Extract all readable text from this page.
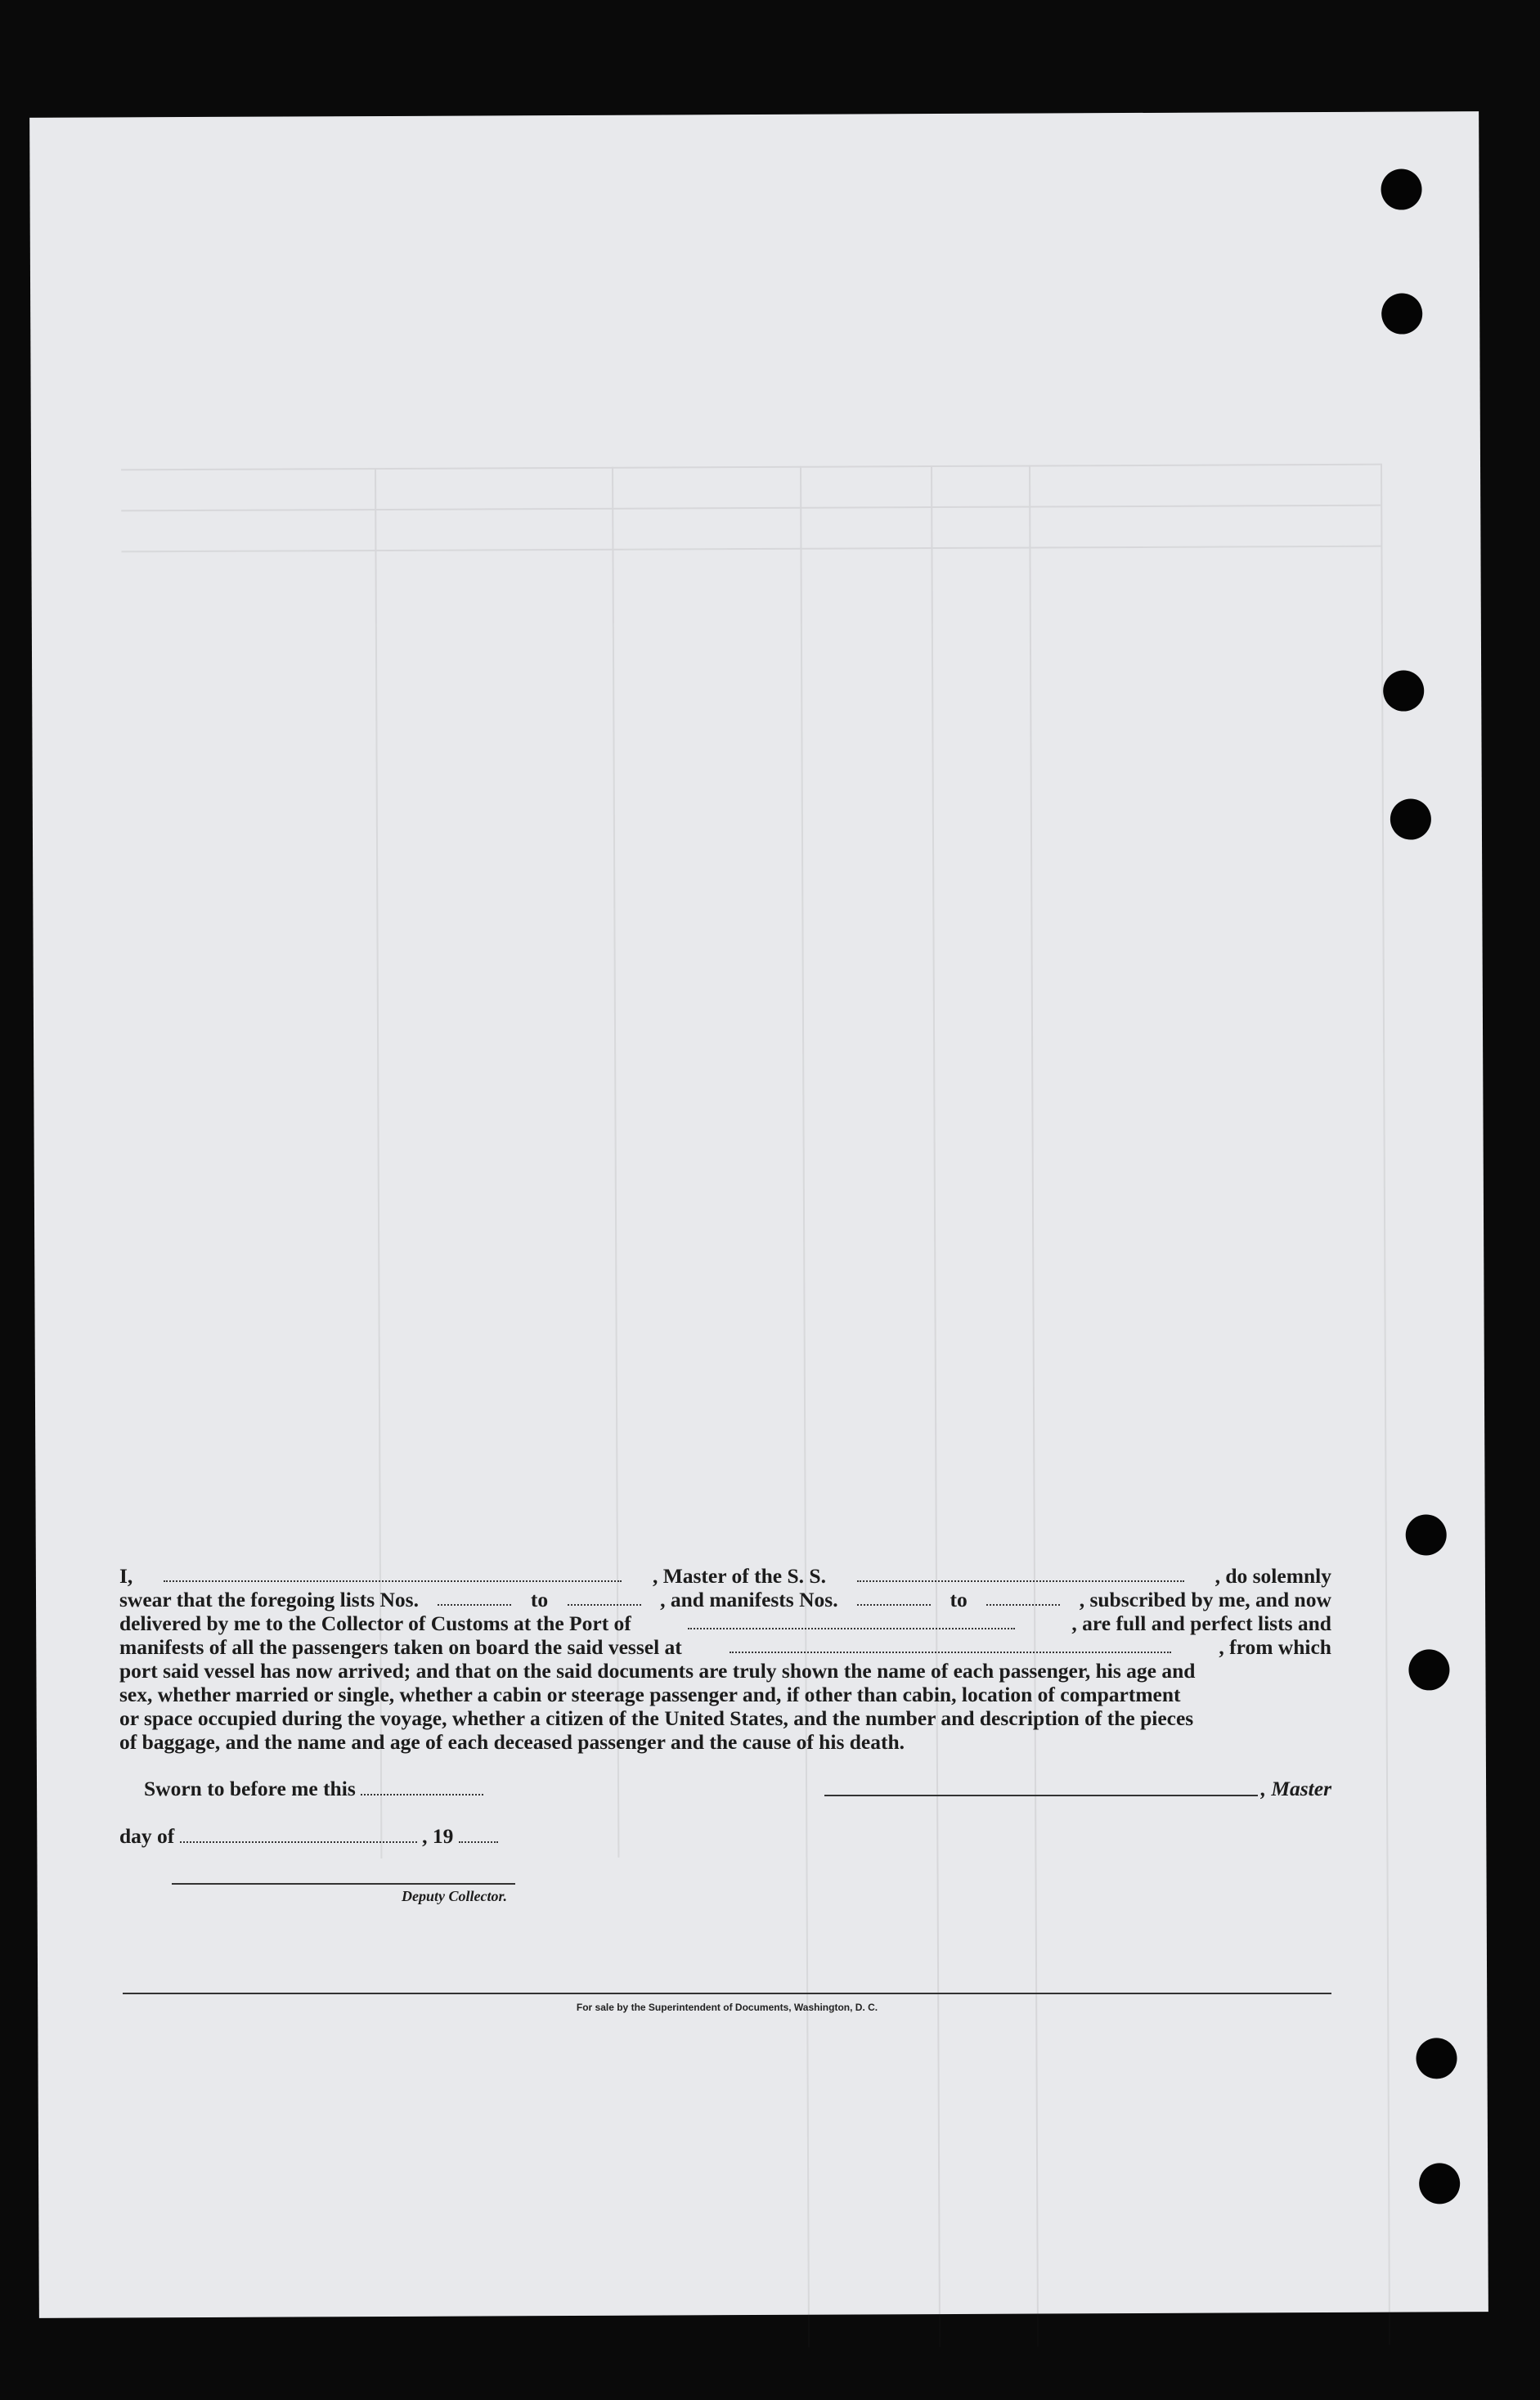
I,	, Master of the S. S.	, do solemnly
swear that the foregoing lists Nos.	to	, and manifests Nos.	to	, subscribed by me, and now
delivered by me to the Collector of Customs at the Port of	, are full and perfect lists and
manifests of all the passengers taken on board the said vessel at	, from which
port said vessel has now arrived; and that on the said documents are truly shown the name of each passenger, his age and
sex, whether married or single, whether a cabin or steerage passenger and, if other than cabin, location of compartment
or space occupied during the voyage, whether a citizen of the United States, and the number and description of the pieces
of baggage, and the name and age of each deceased passenger and the cause of his death.
Sworn to before me this
day of	, 19
, Master
Deputy Collector.
For sale by the Superintendent of Documents, Washington, D. C.
